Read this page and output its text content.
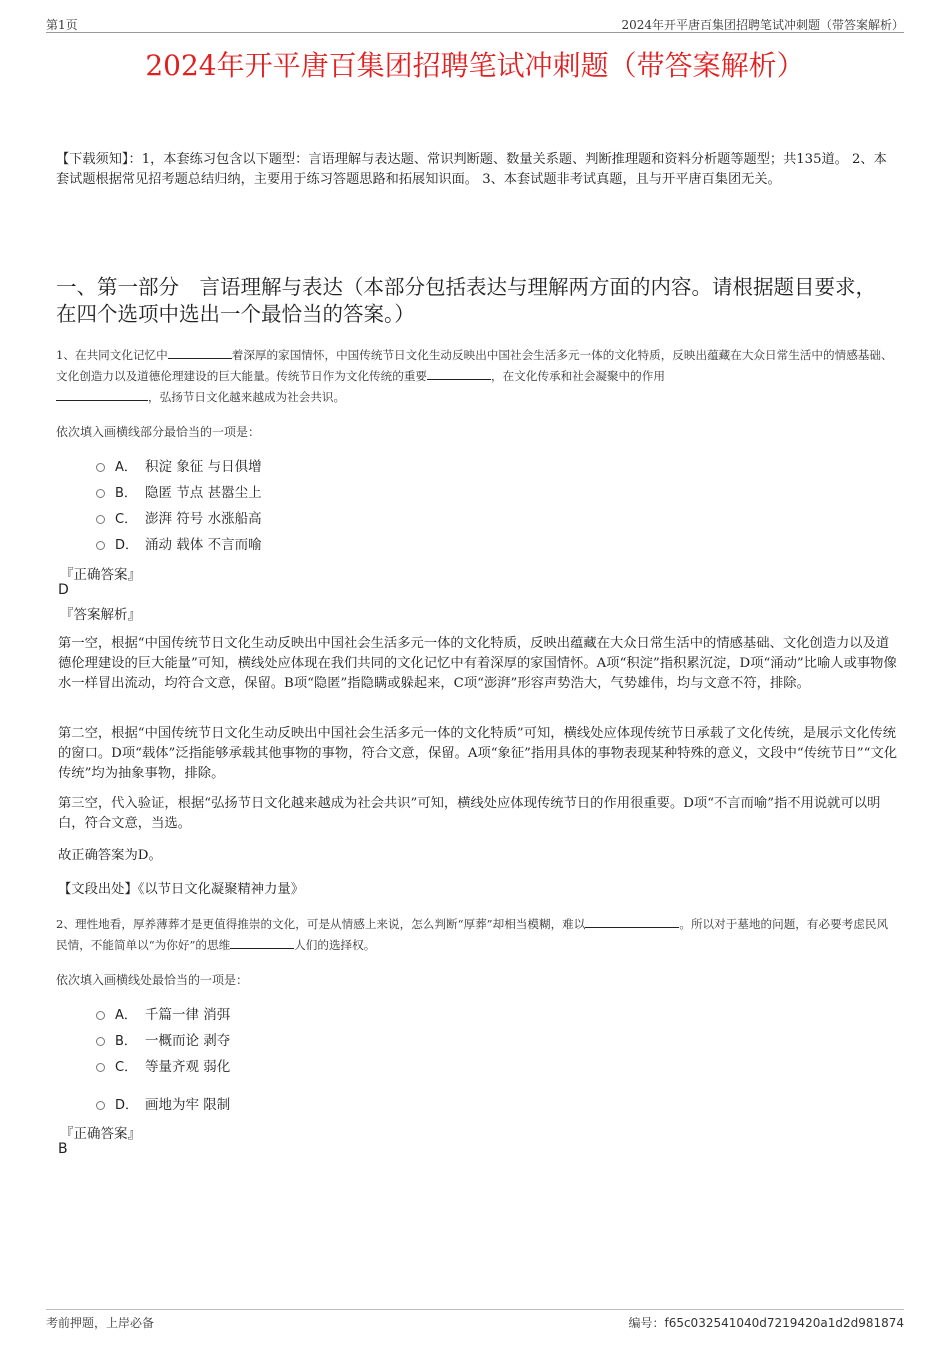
第1页	2024年开平唐百集团招聘笔试冲刺题（带答案解析）
2024年开平唐百集团招聘笔试冲刺题（带答案解析）
【下载须知】：1，本套练习包含以下题型：言语理解与表达题、常识判断题、数量关系题、判断推理题和资料分析题等题型；共135道。 2、本套试题根据常见招考题总结归纳，主要用于练习答题思路和拓展知识面。 3、本套试题非考试真题，且与开平唐百集团无关。
一、第一部分　言语理解与表达（本部分包括表达与理解两方面的内容。请根据题目要求，在四个选项中选出一个最恰当的答案。）
1、在共同文化记忆中	着深厚的家国情怀，中国传统节日文化生动反映出中国社会生活多元一体的文化特质，反映出蕴藏在大众日常生活中的情感基础、文化创造力以及道德伦理建设的巨大能量。传统节日作为文化传统的重要	，在文化传承和社会凝聚中的作用
，弘扬节日文化越来越成为社会共识。
依次填入画横线部分最恰当的一项是：
A． 积淀 象征 与日俱增
B． 隐匿 节点 甚嚣尘上
C． 澎湃 符号 水涨船高
D． 涌动 载体 不言而喻
『正确答案』
D
『答案解析』
第一空，根据“中国传统节日文化生动反映出中国社会生活多元一体的文化特质，反映出蕴藏在大众日常生活中的情感基础、文化创造力以及道德伦理建设的巨大能量”可知，横线处应体现在我们共同的文化记忆中有着深厚的家国情怀。A项“积淀”指积累沉淀，D项“涌动”比喻人或事物像水一样冒出流动，均符合文意，保留。B项“隐匿”指隐瞒或躲起来，C项“澎湃”形容声势浩大，气势雄伟，均与文意不符，排除。
第二空，根据“中国传统节日文化生动反映出中国社会生活多元一体的文化特质”可知，横线处应体现传统节日承载了文化传统，是展示文化传统的窗口。D项“载体”泛指能够承载其他事物的事物，符合文意，保留。A项“象征”指用具体的事物表现某种特殊的意义，文段中“传统节日”“文化传统”均为抽象事物，排除。
第三空，代入验证，根据“弘扬节日文化越来越成为社会共识”可知，横线处应体现传统节日的作用很重要。D项“不言而喻”指不用说就可以明白，符合文意，当选。
故正确答案为D。
【文段出处】《以节日文化凝聚精神力量》
2、理性地看，厚养薄葬才是更值得推崇的文化，可是从情感上来说，怎么判断“厚葬”却相当模糊，难以	。所以对于墓地的问题，有必要考虑民风民情，不能简单以“为你好”的思维	人们的选择权。
依次填入画横线处最恰当的一项是：
A． 千篇一律 消弭
B． 一概而论 剥夺
C． 等量齐观 弱化
D． 画地为牢 限制
『正确答案』
B
考前押题，上岸必备	编号：f65c032541040d7219420a1d2d981874
